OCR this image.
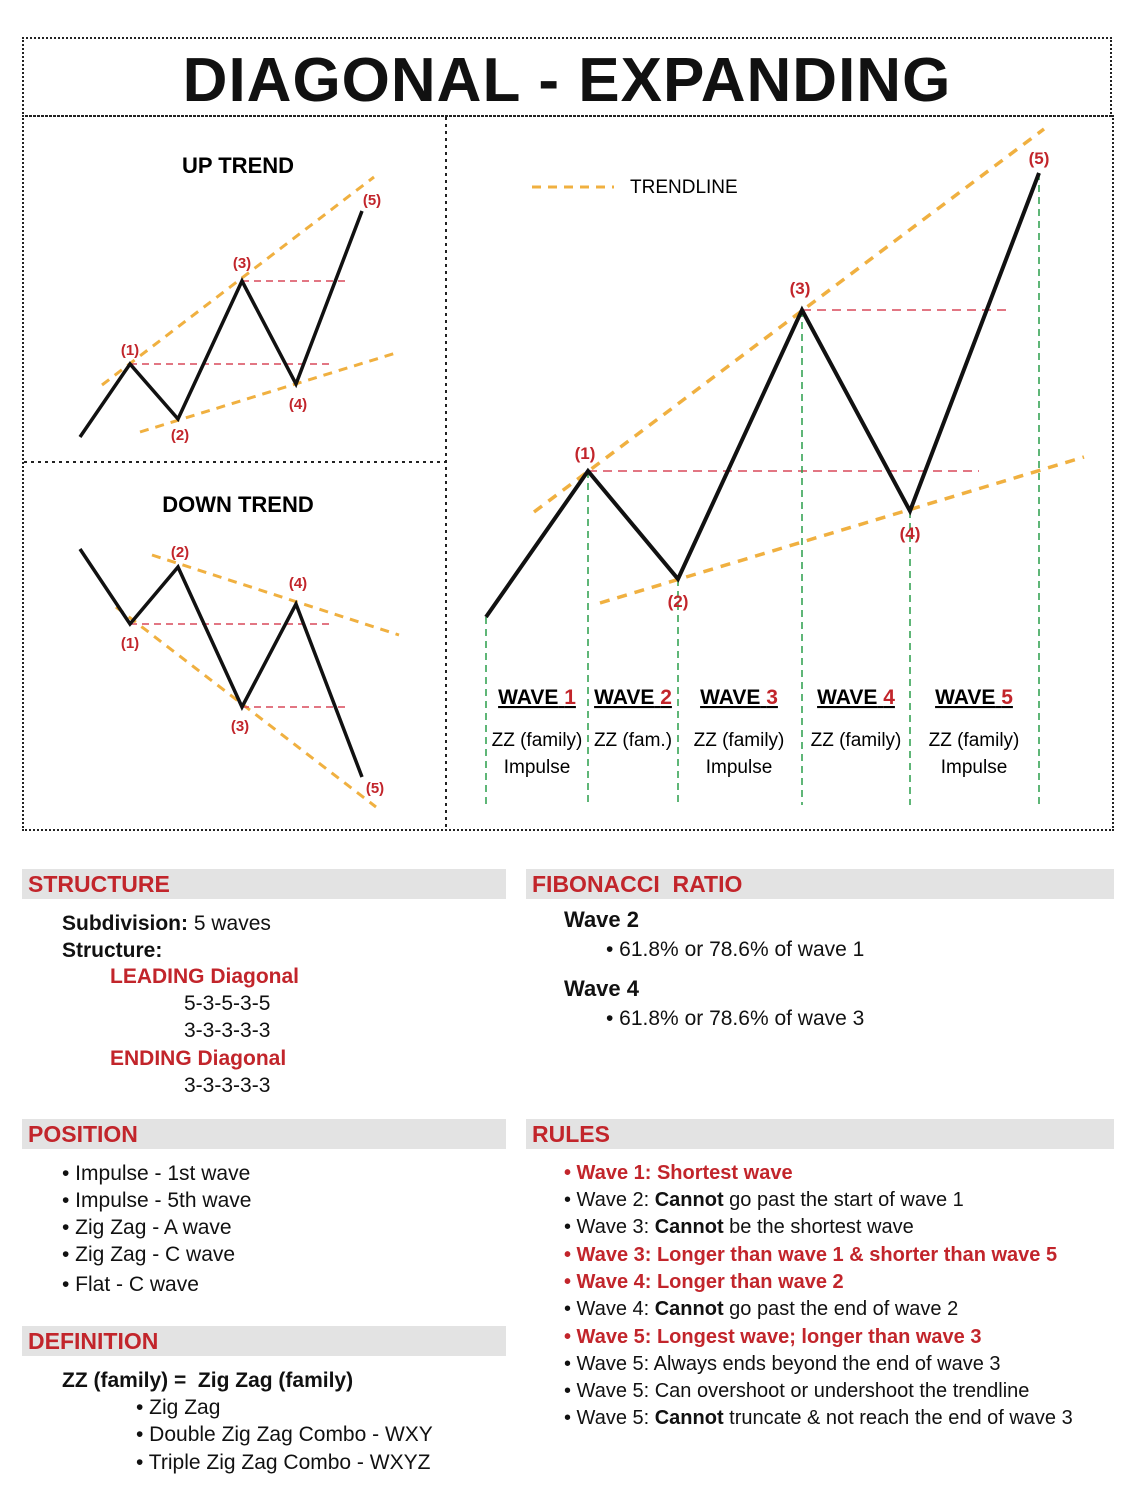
DIAGONAL - EXPANDING
UP TREND
(1)
(2)
(3)
(4)
(5)
DOWN TREND
(1)
(2)
(3)
(4)
(5)
TRENDLINE
(1)
(2)
(3)
(4)
(5)
WAVE 1
ZZ (family)
Impulse
WAVE 2
ZZ (fam.)
WAVE 3
ZZ (family)
Impulse
WAVE 4
ZZ (family)
WAVE 5
ZZ (family)
Impulse
STRUCTURE
Subdivision: 5 waves
Structure:
LEADING Diagonal
5-3-5-3-5
3-3-3-3-3
ENDING Diagonal
3-3-3-3-3
FIBONACCI  RATIO
Wave 2
• 61.8% or 78.6% of wave 1
Wave 4
• 61.8% or 78.6% of wave 3
POSITION
• Impulse - 1st wave
• Impulse - 5th wave
• Zig Zag - A wave
• Zig Zag - C wave
• Flat - C wave
DEFINITION
ZZ (family) =  Zig Zag (family)
• Zig Zag
• Double Zig Zag Combo - WXY
• Triple Zig Zag Combo - WXYZ
RULES
• Wave 1: Shortest wave
• Wave 2: Cannot go past the start of wave 1
• Wave 3: Cannot be the shortest wave
• Wave 3: Longer than wave 1 & shorter than wave 5
• Wave 4: Longer than wave 2
• Wave 4: Cannot go past the end of wave 2
• Wave 5: Longest wave; longer than wave 3
• Wave 5: Always ends beyond the end of wave 3
• Wave 5: Can overshoot or undershoot the trendline
• Wave 5: Cannot truncate & not reach the end of wave 3
